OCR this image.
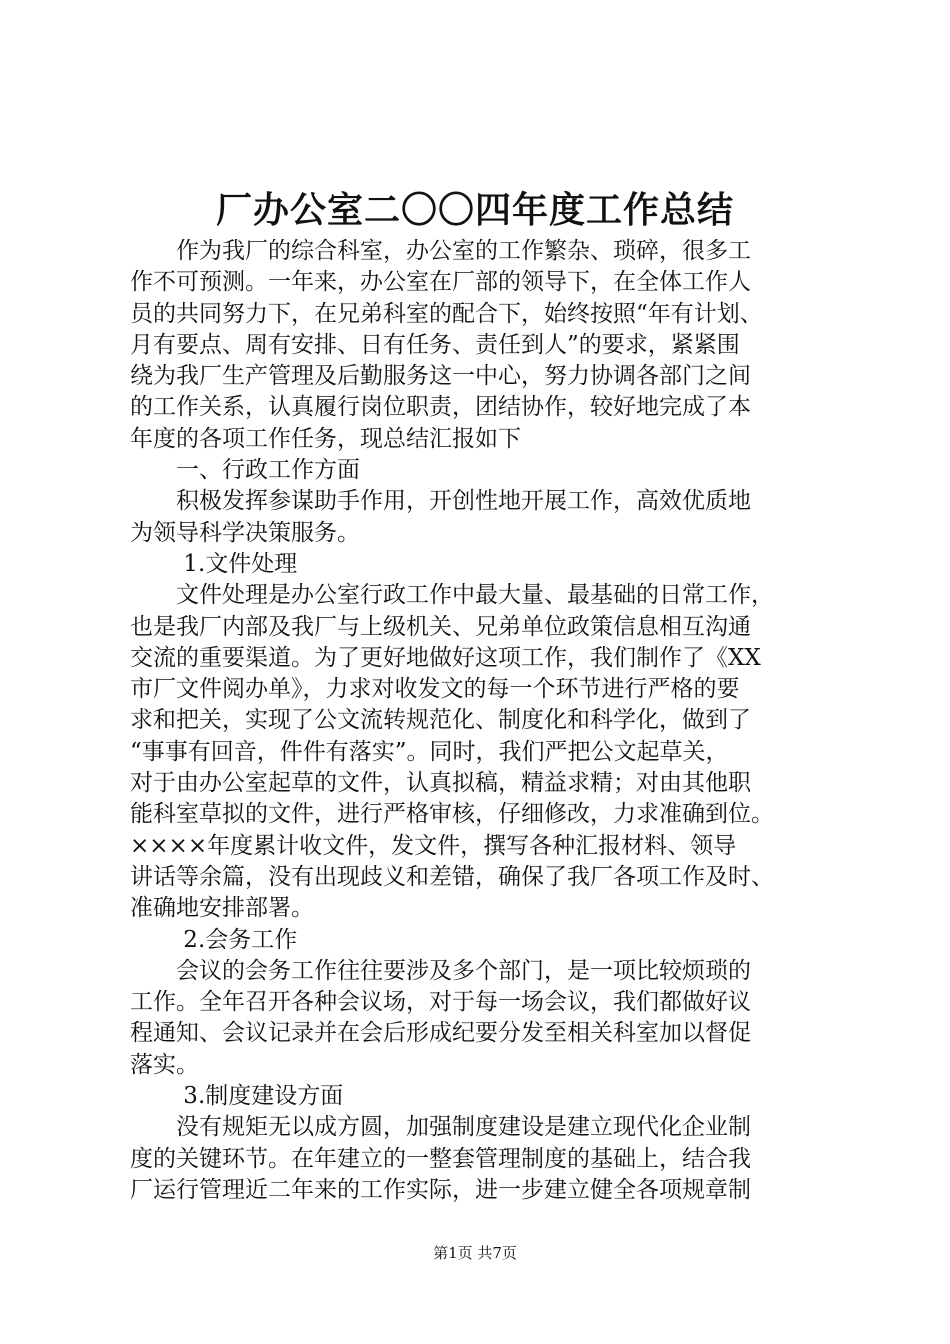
厂办公室二〇〇四年度工作总结
　　作为我厂的综合科室，办公室的工作繁杂、琐碎，很多工
作不可预测。一年来，办公室在厂部的领导下，在全体工作人
员的共同努力下，在兄弟科室的配合下，始终按照“年有计划、
月有要点、周有安排、日有任务、责任到人”的要求，紧紧围
绕为我厂生产管理及后勤服务这一中心，努力协调各部门之间
的工作关系，认真履行岗位职责，团结协作，较好地完成了本
年度的各项工作任务，现总结汇报如下
　　一、行政工作方面
　　积极发挥参谋助手作用，开创性地开展工作，高效优质地
为领导科学决策服务。
　　 1.文件处理
　　文件处理是办公室行政工作中最大量、最基础的日常工作，
也是我厂内部及我厂与上级机关、兄弟单位政策信息相互沟通
交流的重要渠道。为了更好地做好这项工作，我们制作了《XX
市厂文件阅办单》，力求对收发文的每一个环节进行严格的要
求和把关，实现了公文流转规范化、制度化和科学化，做到了
“事事有回音，件件有落实”。同时，我们严把公文起草关，
对于由办公室起草的文件，认真拟稿，精益求精；对由其他职
能科室草拟的文件，进行严格审核，仔细修改，力求准确到位。
××××年度累计收文件，发文件，撰写各种汇报材料、领导
讲话等余篇，没有出现歧义和差错，确保了我厂各项工作及时、
准确地安排部署。
　　 2.会务工作
　　会议的会务工作往往要涉及多个部门，是一项比较烦琐的
工作。全年召开各种会议场，对于每一场会议，我们都做好议
程通知、会议记录并在会后形成纪要分发至相关科室加以督促
落实。
　　 3.制度建设方面
　　没有规矩无以成方圆，加强制度建设是建立现代化企业制
度的关键环节。在年建立的一整套管理制度的基础上，结合我
厂运行管理近二年来的工作实际，进一步建立健全各项规章制
第1页 共7页
